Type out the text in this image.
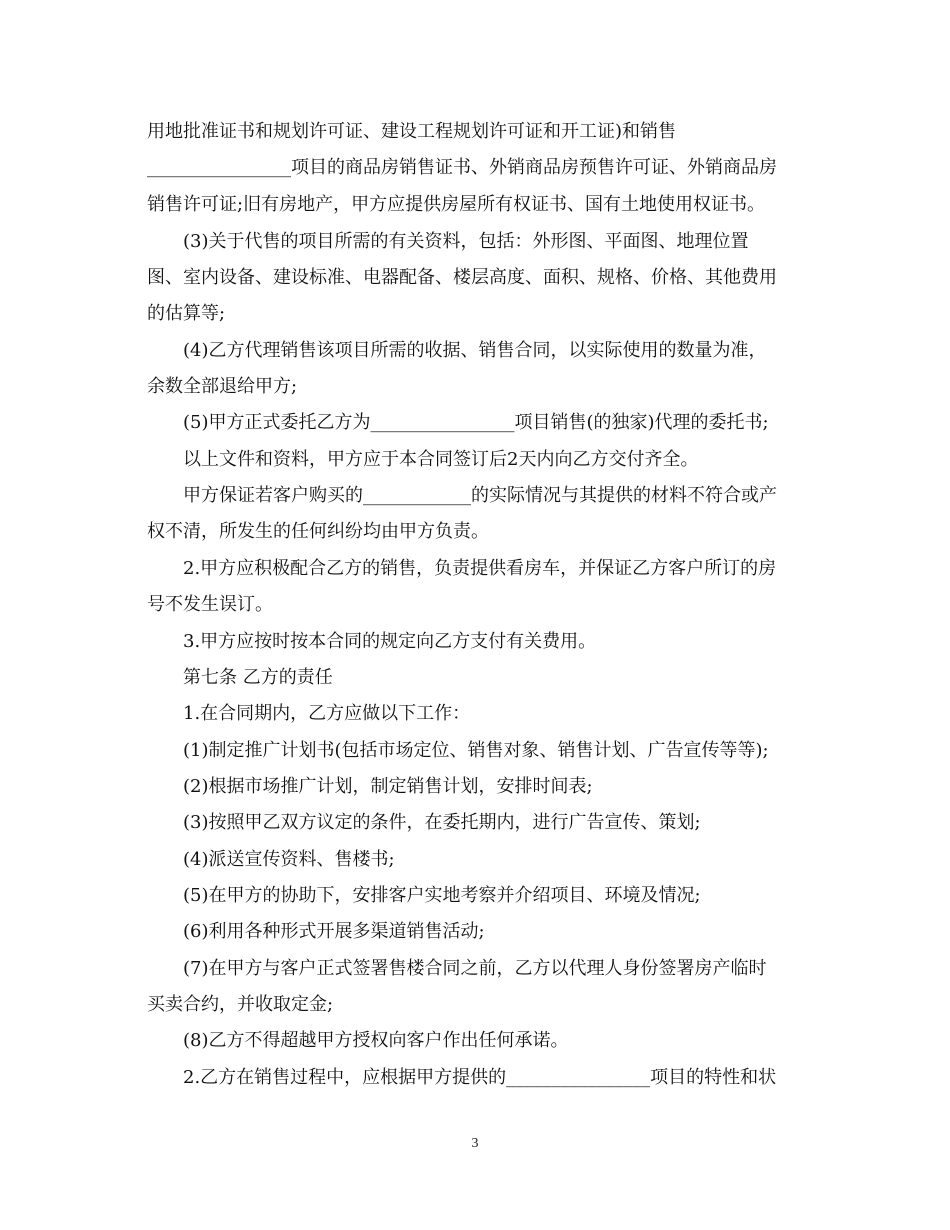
用地批准证书和规划许可证、建设工程规划许可证和开工证)和销售
________________项目的商品房销售证书、外销商品房预售许可证、外销商品房
销售许可证;旧有房地产，甲方应提供房屋所有权证书、国有土地使用权证书。
(3)关于代售的项目所需的有关资料，包括：外形图、平面图、地理位置
图、室内设备、建设标准、电器配备、楼层高度、面积、规格、价格、其他费用
的估算等;
(4)乙方代理销售该项目所需的收据、销售合同，以实际使用的数量为准，
余数全部退给甲方;
(5)甲方正式委托乙方为________________项目销售(的独家)代理的委托书;
以上文件和资料，甲方应于本合同签订后2天内向乙方交付齐全。
甲方保证若客户购买的____________的实际情况与其提供的材料不符合或产
权不清，所发生的任何纠纷均由甲方负责。
2.甲方应积极配合乙方的销售，负责提供看房车，并保证乙方客户所订的房
号不发生误订。
3.甲方应按时按本合同的规定向乙方支付有关费用。
第七条 乙方的责任
1.在合同期内，乙方应做以下工作：
(1)制定推广计划书(包括市场定位、销售对象、销售计划、广告宣传等等);
(2)根据市场推广计划，制定销售计划，安排时间表;
(3)按照甲乙双方议定的条件，在委托期内，进行广告宣传、策划;
(4)派送宣传资料、售楼书;
(5)在甲方的协助下，安排客户实地考察并介绍项目、环境及情况;
(6)利用各种形式开展多渠道销售活动;
(7)在甲方与客户正式签署售楼合同之前，乙方以代理人身份签署房产临时
买卖合约，并收取定金;
(8)乙方不得超越甲方授权向客户作出任何承诺。
2.乙方在销售过程中，应根据甲方提供的________________项目的特性和状
3
